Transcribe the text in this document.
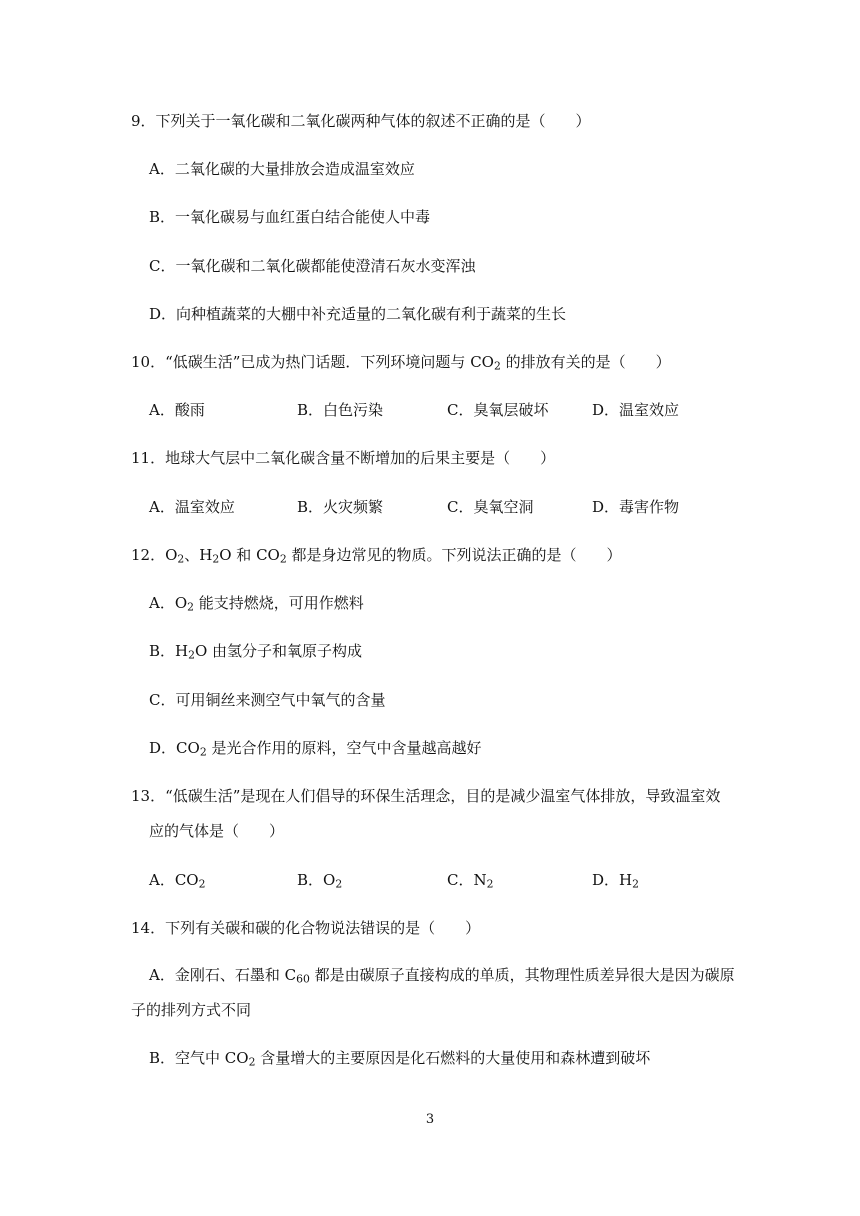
9．下列关于一氧化碳和二氧化碳两种气体的叙述不正确的是（　　）
A．二氧化碳的大量排放会造成温室效应
B．一氧化碳易与血红蛋白结合能使人中毒
C．一氧化碳和二氧化碳都能使澄清石灰水变浑浊
D．向种植蔬菜的大棚中补充适量的二氧化碳有利于蔬菜的生长
10．“低碳生活”已成为热门话题．下列环境问题与 $CO_2$ 的排放有关的是（　　）
A．酸雨	B．白色污染	C．臭氧层破坏	D．温室效应
11．地球大气层中二氧化碳含量不断增加的后果主要是（　　）
A．温室效应	B．火灾频繁	C．臭氧空洞	D．毒害作物
12．$O_2$、$H_2O$ 和 $CO_2$ 都是身边常见的物质。下列说法正确的是（　　）
A．$O_2$ 能支持燃烧，可用作燃料
B．$H_2O$ 由氢分子和氧原子构成
C．可用铜丝来测空气中氧气的含量
D．$CO_2$ 是光合作用的原料，空气中含量越高越好
13．“低碳生活”是现在人们倡导的环保生活理念，目的是减少温室气体排放，导致温室效
应的气体是（　　）
A．$CO_2$	B．$O_2$	C．$N_2$	D．$H_2$
14．下列有关碳和碳的化合物说法错误的是（　　）
A．金刚石、石墨和 $C_{60}$ 都是由碳原子直接构成的单质，其物理性质差异很大是因为碳原
子的排列方式不同
B．空气中 $CO_2$ 含量增大的主要原因是化石燃料的大量使用和森林遭到破坏
3
